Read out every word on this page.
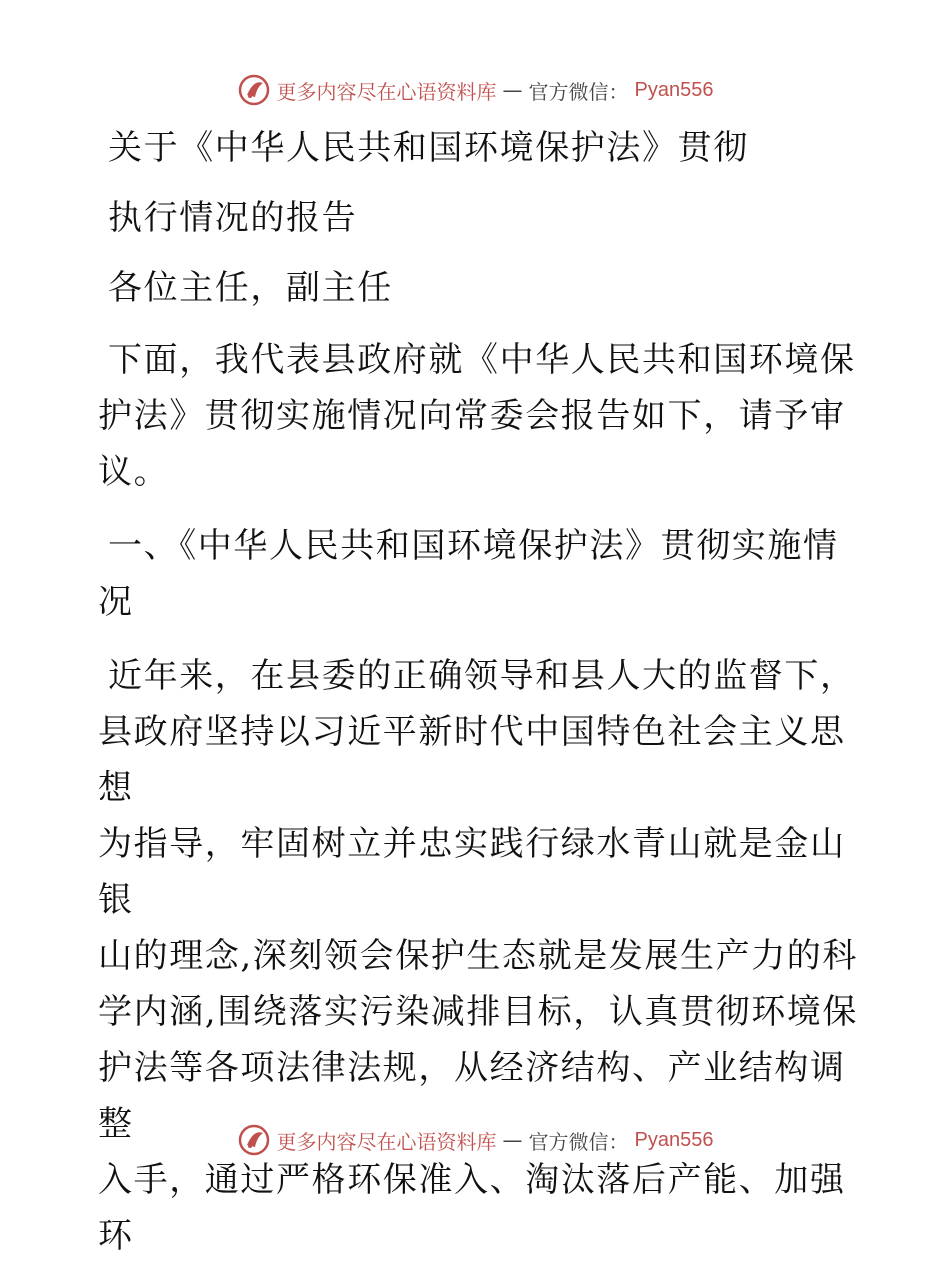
更多内容尽在心语资料库 — 官方微信： Pyan556

关于《中华人民共和国环境保护法》贯彻

执行情况的报告

各位主任，副主任

下面，我代表县政府就《中华人民共和国环境保

护法》贯彻实施情况向常委会报告如下，请予审

议。

一、《中华人民共和国环境保护法》贯彻实施情

况

近年来，在县委的正确领导和县人大的监督下，

县政府坚持以习近平新时代中国特色社会主义思想

为指导，牢固树立并忠实践行绿水青山就是金山银

山的理念,深刻领会保护生态就是发展生产力的科

学内涵,围绕落实污染减排目标，认真贯彻环境保

护法等各项法律法规，从经济结构、产业结构调整

入手，通过严格环保准入、淘汰落后产能、加强环

更多内容尽在心语资料库 — 官方微信： Pyan556
